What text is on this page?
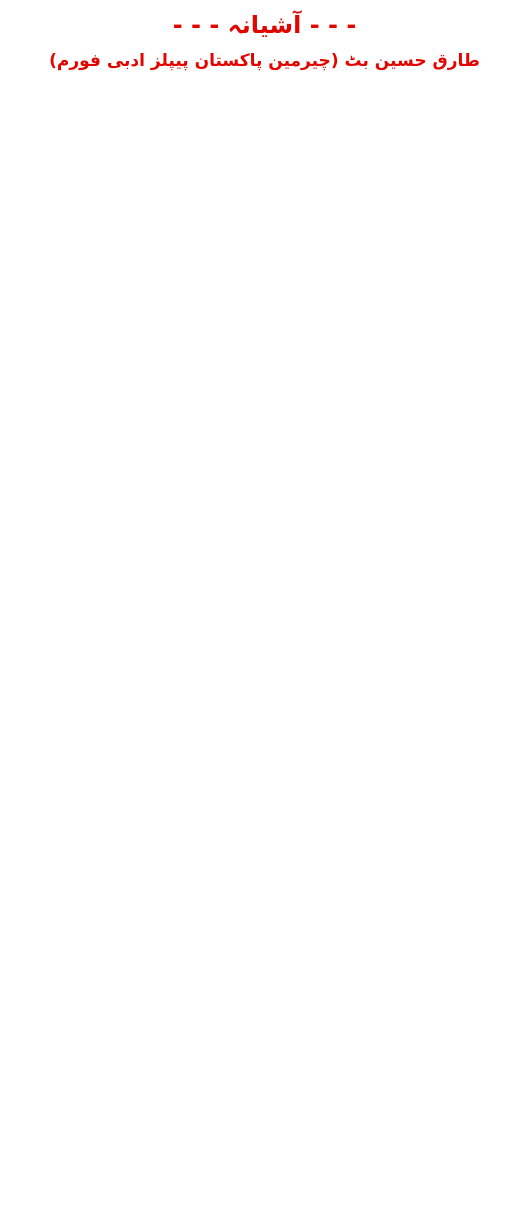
- - - آشیانہ - - -
طارق حسین بٹ (چیرمین پاکستان پیپلز ادبی فورم)
